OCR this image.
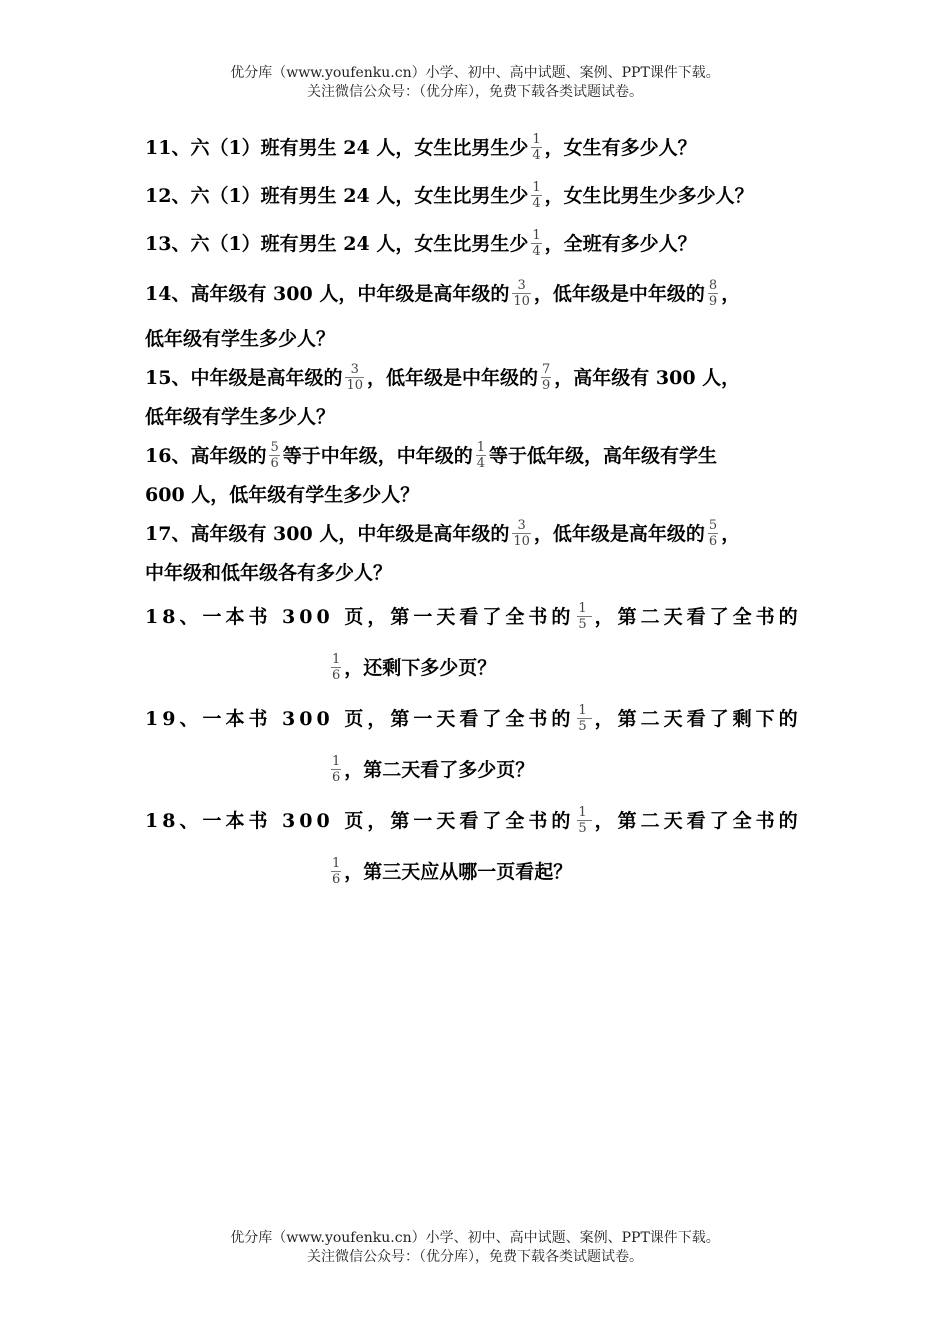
优分库（www.youfenku.cn）小学、初中、高中试题、案例、PPT课件下载。
关注微信公众号：（优分库），免费下载各类试题试卷。
11、六（1）班有男生 24 人，女生比男生少 $\frac{1}{4}$ ，女生有多少人？
12、六（1）班有男生 24 人，女生比男生少 $\frac{1}{4}$ ，女生比男生少多少人？
13、六（1）班有男生 24 人，女生比男生少 $\frac{1}{4}$ ，全班有多少人？
14、高年级有 300 人，中年级是高年级的 $\frac{3}{10}$ ，低年级是中年级的 $\frac{8}{9}$ ，
低年级有学生多少人？
15、中年级是高年级的 $\frac{3}{10}$ ，低年级是中年级的 $\frac{7}{9}$ ，高年级有 300 人，
低年级有学生多少人？
16、高年级的 $\frac{5}{6}$ 等于中年级，中年级的 $\frac{1}{4}$ 等于低年级，高年级有学生
600 人，低年级有学生多少人？
17、高年级有 300 人，中年级是高年级的 $\frac{3}{10}$ ，低年级是高年级的 $\frac{5}{6}$ ，
中年级和低年级各有多少人？
18、一本书 300 页，第一天看了全书的 $\frac{1}{5}$ ，第二天看了全书的
$\frac{1}{6}$ ，还剩下多少页？
19、一本书 300 页，第一天看了全书的 $\frac{1}{5}$ ，第二天看了剩下的
$\frac{1}{6}$ ，第二天看了多少页？
18、一本书 300 页，第一天看了全书的 $\frac{1}{5}$ ，第二天看了全书的
$\frac{1}{6}$ ，第三天应从哪一页看起？
优分库（www.youfenku.cn）小学、初中、高中试题、案例、PPT课件下载。
关注微信公众号：（优分库），免费下载各类试题试卷。
